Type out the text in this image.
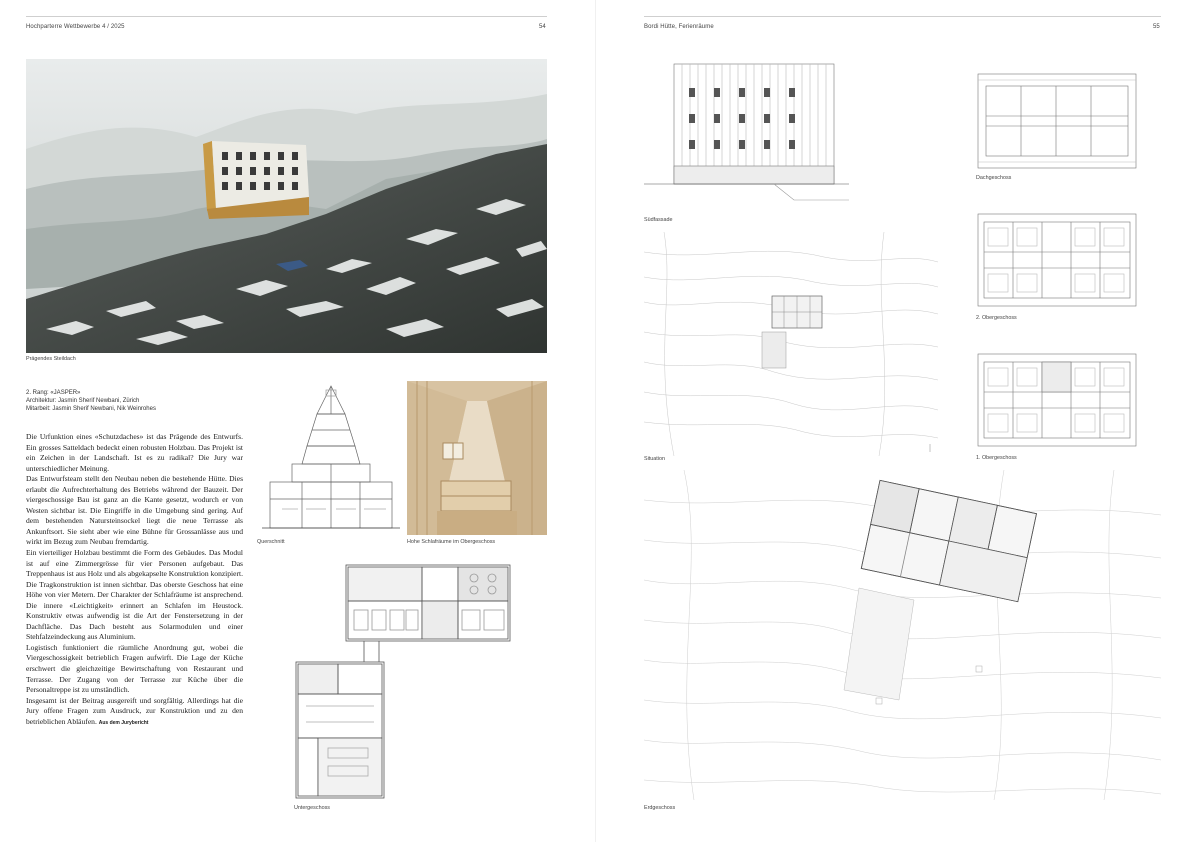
Hochparterre Wettbewerbe 4 / 2025	54
Prägendes Steildach
2. Rang: «JASPER»
Architektur: Jasmin Sherif Newbani, Zürich
Mitarbeit: Jasmin Sherif Newbani, Nik Weinrohes

Die Urfunktion eines «Schutzdaches» ist das Prägende des Entwurfs. Ein grosses Satteldach bedeckt einen robusten Holzbau. Das Projekt ist ein Zeichen in der Landschaft. Ist es zu radikal? Die Jury war unterschiedlicher Meinung.

Das Entwurfsteam stellt den Neubau neben die bestehende Hütte. Dies erlaubt die Aufrechterhaltung des Betriebs während der Bauzeit. Der viergeschossige Bau ist ganz an die Kante gesetzt, wodurch er von Westen sichtbar ist. Die Eingriffe in die Umgebung sind gering. Auf dem bestehenden Natursteinsockel liegt die neue Terrasse als Ankunftsort. Sie sieht aber wie eine Bühne für Grossanlässe aus und wirkt im Bezug zum Neubau fremdartig.

Ein vierteiliger Holzbau bestimmt die Form des Gebäudes. Das Modul ist auf eine Zimmergrösse für vier Personen aufgebaut. Das Treppenhaus ist aus Holz und als abgekapselte Konstruktion konzipiert. Die Tragkonstruktion ist innen sichtbar. Das oberste Geschoss hat eine Höhe von vier Metern. Der Charakter der Schlafräume ist ansprechend. Die innere «Leichtigkeit» erinnert an Schlafen im Heustock. Konstruktiv etwas aufwendig ist die Art der Fenstersetzung in der Dachfläche. Das Dach besteht aus Solarmodulen und einer Stehfalzeindeckung aus Aluminium.

Logistisch funktioniert die räumliche Anordnung gut, wobei die Viergeschossigkeit betrieblich Fragen aufwirft. Die Lage der Küche erschwert die gleichzeitige Bewirtschaftung von Restaurant und Terrasse. Der Zugang von der Terrasse zur Küche über die Personaltreppe ist zu umständlich.

Insgesamt ist der Beitrag ausgereift und sorgfältig. Allerdings hat die Jury offene Fragen zum Ausdruck, zur Konstruktion und zu den betrieblichen Abläufen. Aus dem Jurybericht

Querschnitt	Hohe Schlafräume im Obergeschoss
Untergeschoss
Bordi Hütte, Ferienräume	55
Südfassade
Dachgeschoss
2. Obergeschoss
1. Obergeschoss
Situation
Erdgeschoss
